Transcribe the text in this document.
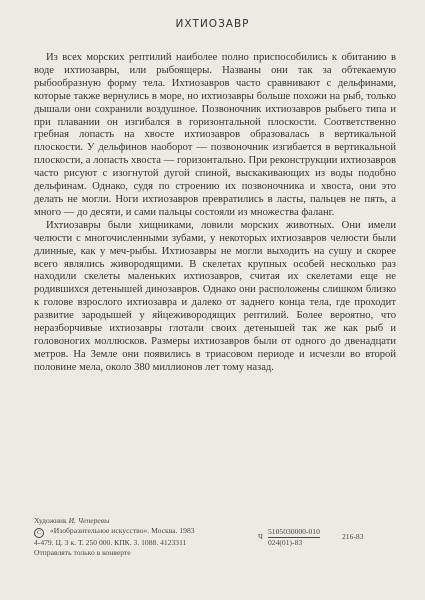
ИХТИОЗАВР

Из всех морских рептилий наиболее полно приспособились к обитанию в воде ихтиозавры, или рыбоящеры. Названы они так за обтекаемую рыбообразную форму тела. Ихтиозавров часто сравнивают с дельфинами, которые также вернулись в море, но ихтиозавры больше похожи на рыб, только дышали они сохранили воздушное. Позвоночник ихтиозавров рыбьего типа и при плавании он изгибался в горизонтальной плоскости. Соответственно гребная лопасть на хвосте ихтиозавров образовалась в вертикальной плоскости. У дельфинов наоборот — позвоночник изгибается в вертикальной плоскости, а лопасть хвоста — горизонтально. При реконструкции ихтиозавров часто рисуют с изогнутой дугой спиной, выскакивающих из воды подобно дельфинам. Однако, судя по строению их позвоночника и хвоста, они это делать не могли. Ноги ихтиозавров превратились в ласты, пальцев не пять, а много — до десяти, и сами пальцы состояли из множества фаланг.

Ихтиозавры были хищниками, ловили морских животных. Они имели челюсти с многочисленными зубами, у некоторых ихтиозавров челюсти были длинные, как у меч-рыбы. Ихтиозавры не могли выходить на сушу и скорее всего являлись живородящими. В скелетах крупных особей несколько раз находили скелеты маленьких ихтиозавров, считая их скелетами еще не родившихся детенышей динозавров. Однако они расположены слишком близко к голове взрослого ихтиозавра и далеко от заднего конца тела, где проходит развитие зародышей у яйцеживородящих рептилий. Более вероятно, что неразборчивые ихтиозавры глотали своих детенышей так же как рыб и головоногих моллюсков. Размеры ихтиозавров были от одного до двенадцати метров. На Земле они появились в триасовом периоде и исчезли во второй половине мела, около 380 миллионов лет тому назад.

Художник И. Чеперевы
C «Изобразительное искусство». Москва. 1983
4-479. Ц. 3 к. Т. 250 000. КПК. 3. 1088. 4123311
Отправлять только в конверте
Ч $\frac{5105030000-010}{024(01)-83}$	216-83
